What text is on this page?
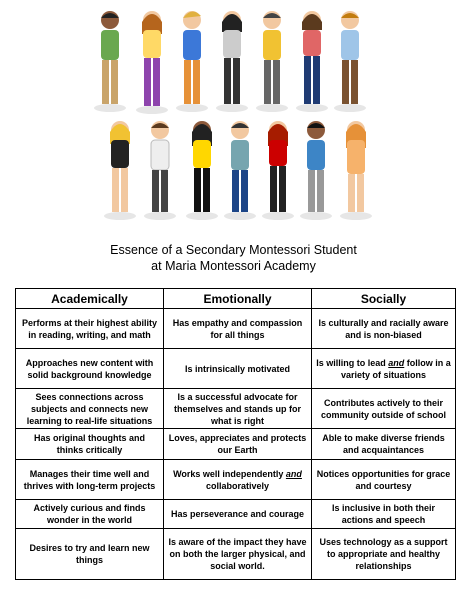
Essence of a Secondary Montessori Student
at Maria Montessori Academy
Academically	Emotionally	Socially
Performs at their highest ability in reading, writing, and math	Has empathy and compassion for all things	Is culturally and racially aware and is non-biased
Approaches new content with solid background knowledge	Is intrinsically motivated	Is willing to lead and follow in a variety of situations
Sees connections across subjects and connects new learning to real-life situations	Is a successful advocate for themselves and stands up for what is right	Contributes actively to their community outside of school
Has original thoughts and thinks critically	Loves, appreciates and protects our Earth	Able to make diverse friends and acquaintances
Manages their time well and thrives with long-term projects	Works well independently and collaboratively	Notices opportunities for grace and courtesy
Actively curious and finds wonder in the world	Has perseverance and courage	Is inclusive in both their actions and speech
Desires to try and learn new things	Is aware of the impact they have on both the larger physical, and social world.	Uses technology as a support to appropriate and healthy relationships
